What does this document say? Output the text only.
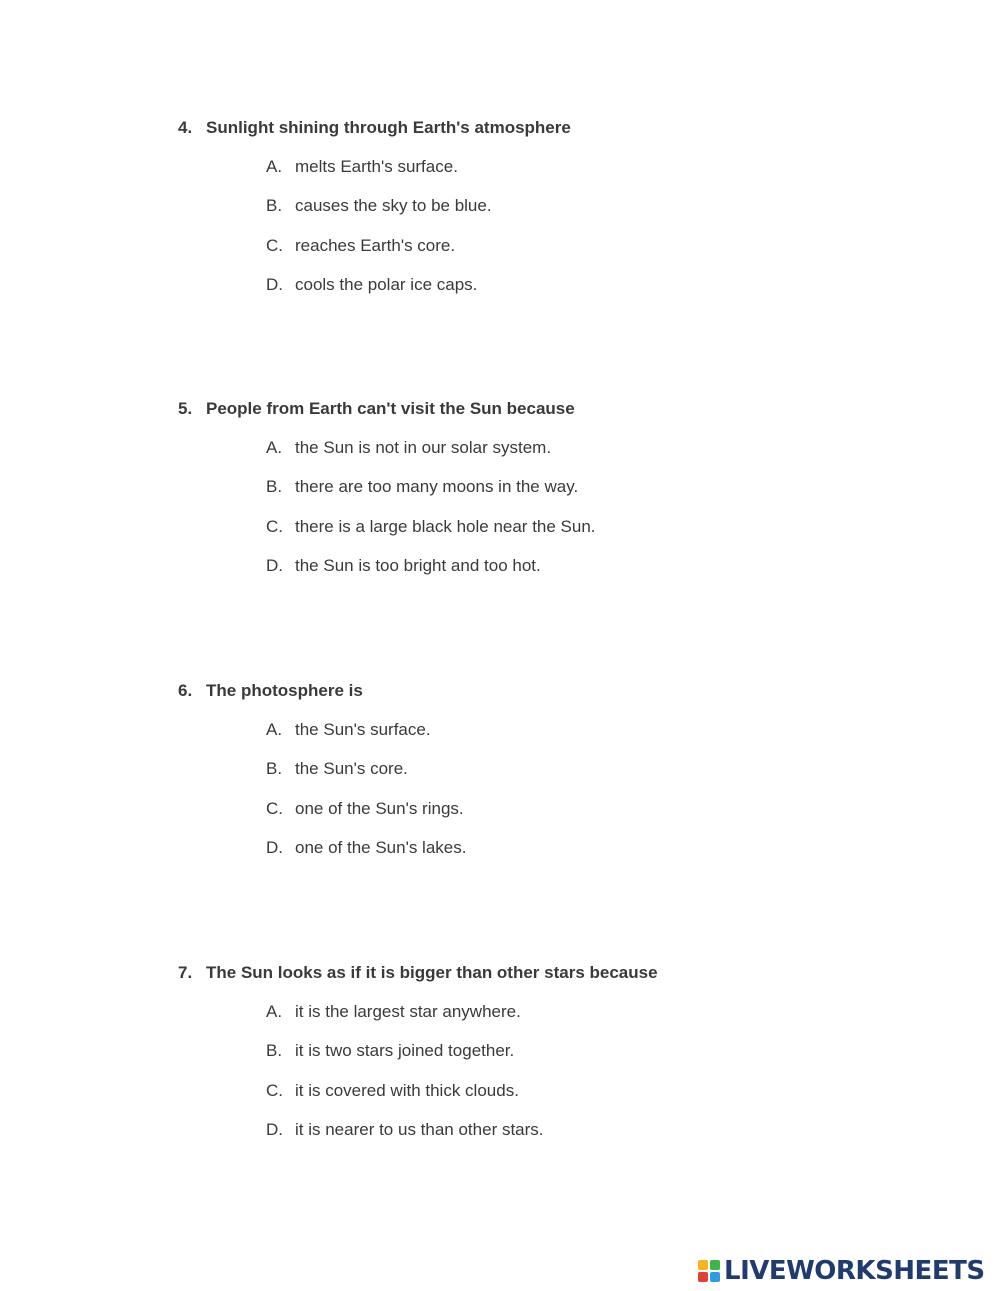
4. Sunlight shining through Earth's atmosphere
A. melts Earth's surface.
B. causes the sky to be blue.
C. reaches Earth's core.
D. cools the polar ice caps.
5. People from Earth can't visit the Sun because
A. the Sun is not in our solar system.
B. there are too many moons in the way.
C. there is a large black hole near the Sun.
D. the Sun is too bright and too hot.
6. The photosphere is
A. the Sun's surface.
B. the Sun's core.
C. one of the Sun's rings.
D. one of the Sun's lakes.
7. The Sun looks as if it is bigger than other stars because
A. it is the largest star anywhere.
B. it is two stars joined together.
C. it is covered with thick clouds.
D. it is nearer to us than other stars.
LIVEWORKSHEETS
